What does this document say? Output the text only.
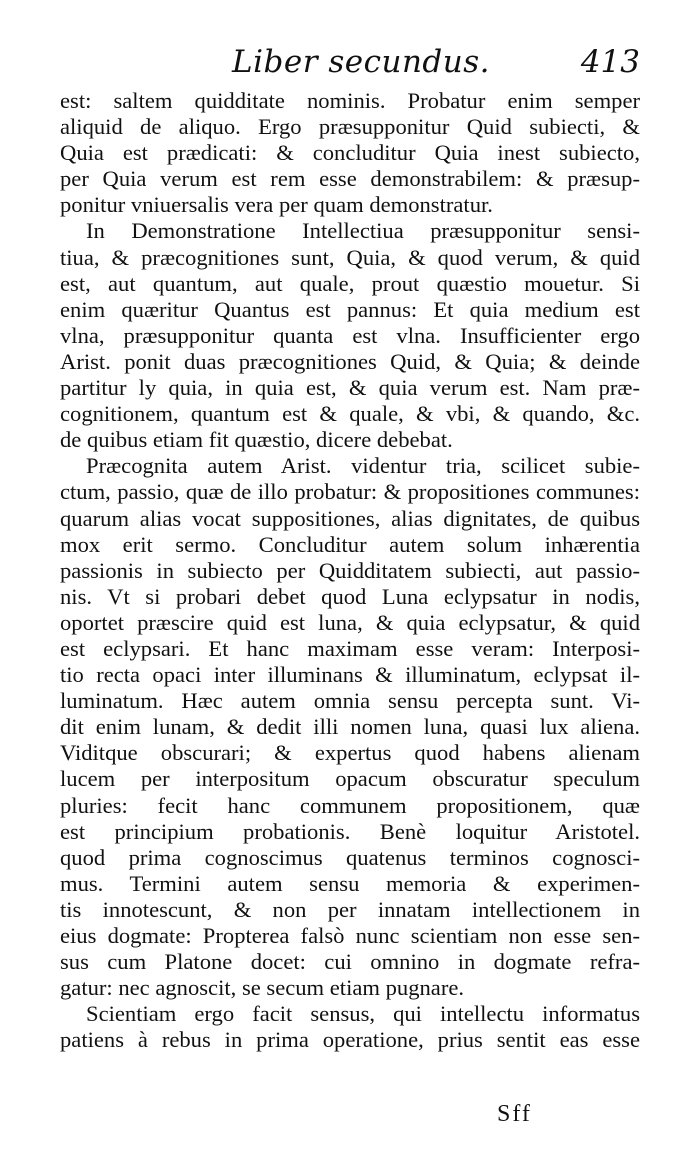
Liber secundus.	413
est: saltem quidditate nominis. Probatur enim semper
aliquid de aliquo. Ergo præsupponitur Quid subiecti, &
Quia est prædicati: & concluditur Quia inest subiecto,
per Quia verum est rem esse demonstrabilem: & præsup-
ponitur vniuersalis vera per quam demonstratur.
In Demonstratione Intellectiua præsupponitur sensi-
tiua, & præcognitiones sunt, Quia, & quod verum, & quid
est, aut quantum, aut quale, prout quæstio mouetur. Si
enim quæritur Quantus est pannus: Et quia medium est
vlna, præsupponitur quanta est vlna. Insufficienter ergo
Arist. ponit duas præcognitiones Quid, & Quia; & deinde
partitur ly quia, in quia est, & quia verum est. Nam præ-
cognitionem, quantum est & quale, & vbi, & quando, &c.
de quibus etiam fit quæstio, dicere debebat.
Præcognita autem Arist. videntur tria, scilicet subie-
ctum, passio, quæ de illo probatur: & propositiones communes:
quarum alias vocat suppositiones, alias dignitates, de quibus
mox erit sermo. Concluditur autem solum inhærentia
passionis in subiecto per Quidditatem subiecti, aut passio-
nis. Vt si probari debet quod Luna eclypsatur in nodis,
oportet præscire quid est luna, & quia eclypsatur, & quid
est eclypsari. Et hanc maximam esse veram: Interposi-
tio recta opaci inter illuminans & illuminatum, eclypsat il-
luminatum. Hæc autem omnia sensu percepta sunt. Vi-
dit enim lunam, & dedit illi nomen luna, quasi lux aliena.
Viditque obscurari; & expertus quod habens alienam
lucem per interpositum opacum obscuratur speculum
pluries: fecit hanc communem propositionem, quæ
est principium probationis. Benè loquitur Aristotel.
quod prima cognoscimus quatenus terminos cognosci-
mus. Termini autem sensu memoria & experimen-
tis innotescunt, & non per innatam intellectionem in
eius dogmate: Propterea falsò nunc scientiam non esse sen-
sus cum Platone docet: cui omnino in dogmate refra-
gatur: nec agnoscit, se secum etiam pugnare.
Scientiam ergo facit sensus, qui intellectu informatus
patiens à rebus in prima operatione, prius sentit eas esse
Sff
